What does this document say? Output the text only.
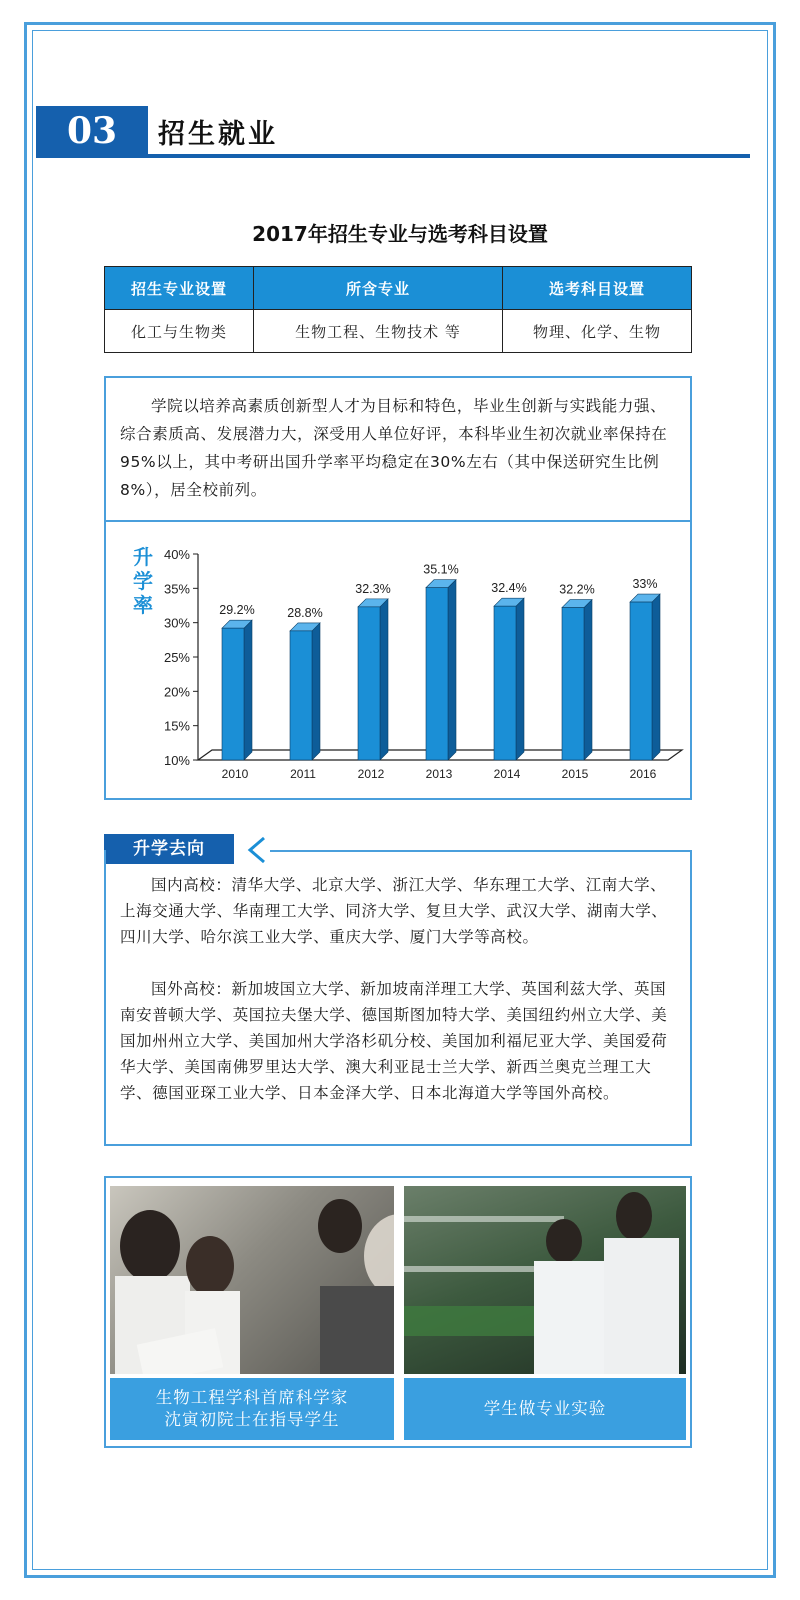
03	招生就业
2017年招生专业与选考科目设置
招生专业设置	所含专业	选考科目设置
化工与生物类	生物工程、生物技术 等	物理、化学、生物
学院以培养高素质创新型人才为目标和特色，毕业生创新与实践能力强、综合素质高、发展潜力大，深受用人单位好评，本科毕业生初次就业率保持在95%以上，其中考研出国升学率平均稳定在30%左右（其中保送研究生比例8%），居全校前列。
升学率
10%
15%
20%
25%
30%
35%
40%
29.2%
2010
28.8%
2011
32.3%
2012
35.1%
2013
32.4%
2014
32.2%
2015
33%
2016
升学去向
国内高校：清华大学、北京大学、浙江大学、华东理工大学、江南大学、上海交通大学、华南理工大学、同济大学、复旦大学、武汉大学、湖南大学、四川大学、哈尔滨工业大学、重庆大学、厦门大学等高校。
国外高校：新加坡国立大学、新加坡南洋理工大学、英国利兹大学、英国南安普顿大学、英国拉夫堡大学、德国斯图加特大学、美国纽约州立大学、美国加州州立大学、美国加州大学洛杉矶分校、美国加利福尼亚大学、美国爱荷华大学、美国南佛罗里达大学、澳大利亚昆士兰大学、新西兰奥克兰理工大学、德国亚琛工业大学、日本金泽大学、日本北海道大学等国外高校。
生物工程学科首席科学家
沈寅初院士在指导学生
学生做专业实验
